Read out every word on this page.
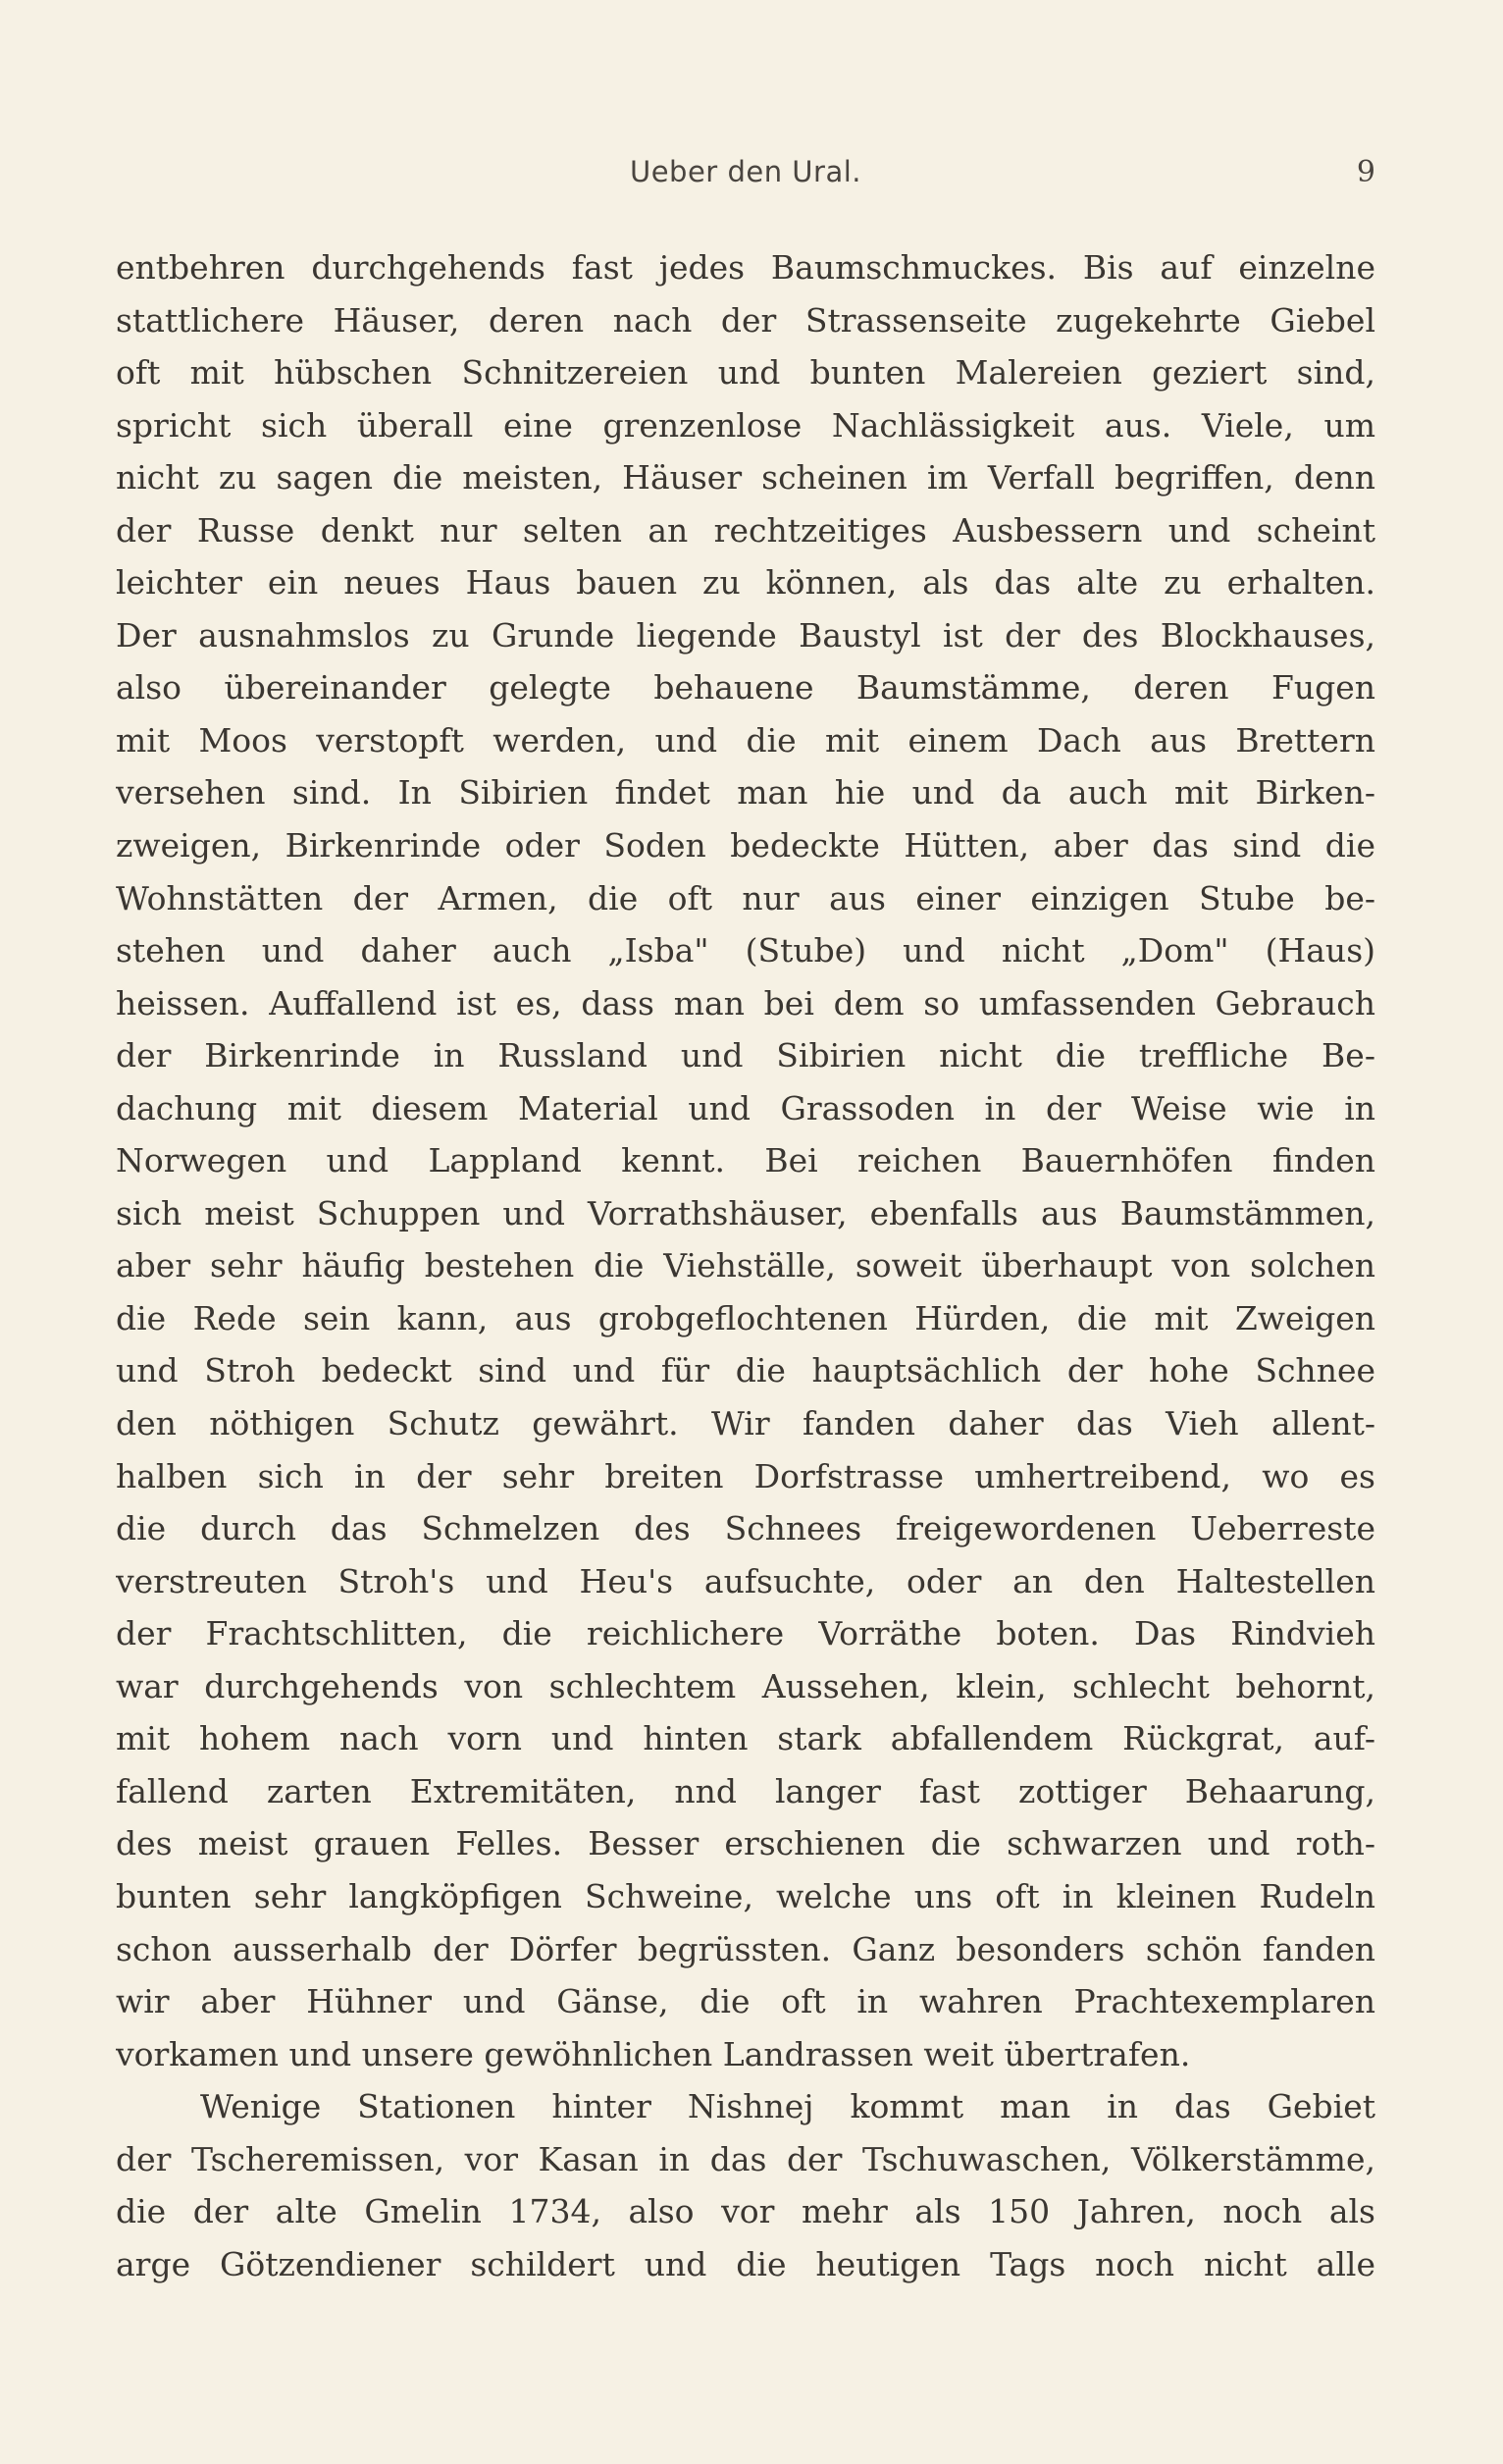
Ueber den Ural.	9
entbehren durchgehends fast jedes Baumschmuckes. Bis auf einzelne
stattlichere Häuser, deren nach der Strassenseite zugekehrte Giebel
oft mit hübschen Schnitzereien und bunten Malereien geziert sind,
spricht sich überall eine grenzenlose Nachlässigkeit aus. Viele, um
nicht zu sagen die meisten, Häuser scheinen im Verfall begriffen, denn
der Russe denkt nur selten an rechtzeitiges Ausbessern und scheint
leichter ein neues Haus bauen zu können, als das alte zu erhalten.
Der ausnahmslos zu Grunde liegende Baustyl ist der des Blockhauses,
also übereinander gelegte behauene Baumstämme, deren Fugen
mit Moos verstopft werden, und die mit einem Dach aus Brettern
versehen sind. In Sibirien findet man hie und da auch mit Birken-
zweigen, Birkenrinde oder Soden bedeckte Hütten, aber das sind die
Wohnstätten der Armen, die oft nur aus einer einzigen Stube be-
stehen und daher auch „Isba" (Stube) und nicht „Dom" (Haus)
heissen. Auffallend ist es, dass man bei dem so umfassenden Gebrauch
der Birkenrinde in Russland und Sibirien nicht die treffliche Be-
dachung mit diesem Material und Grassoden in der Weise wie in
Norwegen und Lappland kennt. Bei reichen Bauernhöfen finden
sich meist Schuppen und Vorrathshäuser, ebenfalls aus Baumstämmen,
aber sehr häufig bestehen die Viehställe, soweit überhaupt von solchen
die Rede sein kann, aus grobgeflochtenen Hürden, die mit Zweigen
und Stroh bedeckt sind und für die hauptsächlich der hohe Schnee
den nöthigen Schutz gewährt. Wir fanden daher das Vieh allent-
halben sich in der sehr breiten Dorfstrasse umhertreibend, wo es
die durch das Schmelzen des Schnees freigewordenen Ueberreste
verstreuten Stroh's und Heu's aufsuchte, oder an den Haltestellen
der Frachtschlitten, die reichlichere Vorräthe boten. Das Rindvieh
war durchgehends von schlechtem Aussehen, klein, schlecht behornt,
mit hohem nach vorn und hinten stark abfallendem Rückgrat, auf-
fallend zarten Extremitäten, nnd langer fast zottiger Behaarung,
des meist grauen Felles. Besser erschienen die schwarzen und roth-
bunten sehr langköpfigen Schweine, welche uns oft in kleinen Rudeln
schon ausserhalb der Dörfer begrüssten. Ganz besonders schön fanden
wir aber Hühner und Gänse, die oft in wahren Prachtexemplaren
vorkamen und unsere gewöhnlichen Landrassen weit übertrafen.
Wenige Stationen hinter Nishnej kommt man in das Gebiet
der Tscheremissen, vor Kasan in das der Tschuwaschen, Völkerstämme,
die der alte Gmelin 1734, also vor mehr als 150 Jahren, noch als
arge Götzendiener schildert und die heutigen Tags noch nicht alle
